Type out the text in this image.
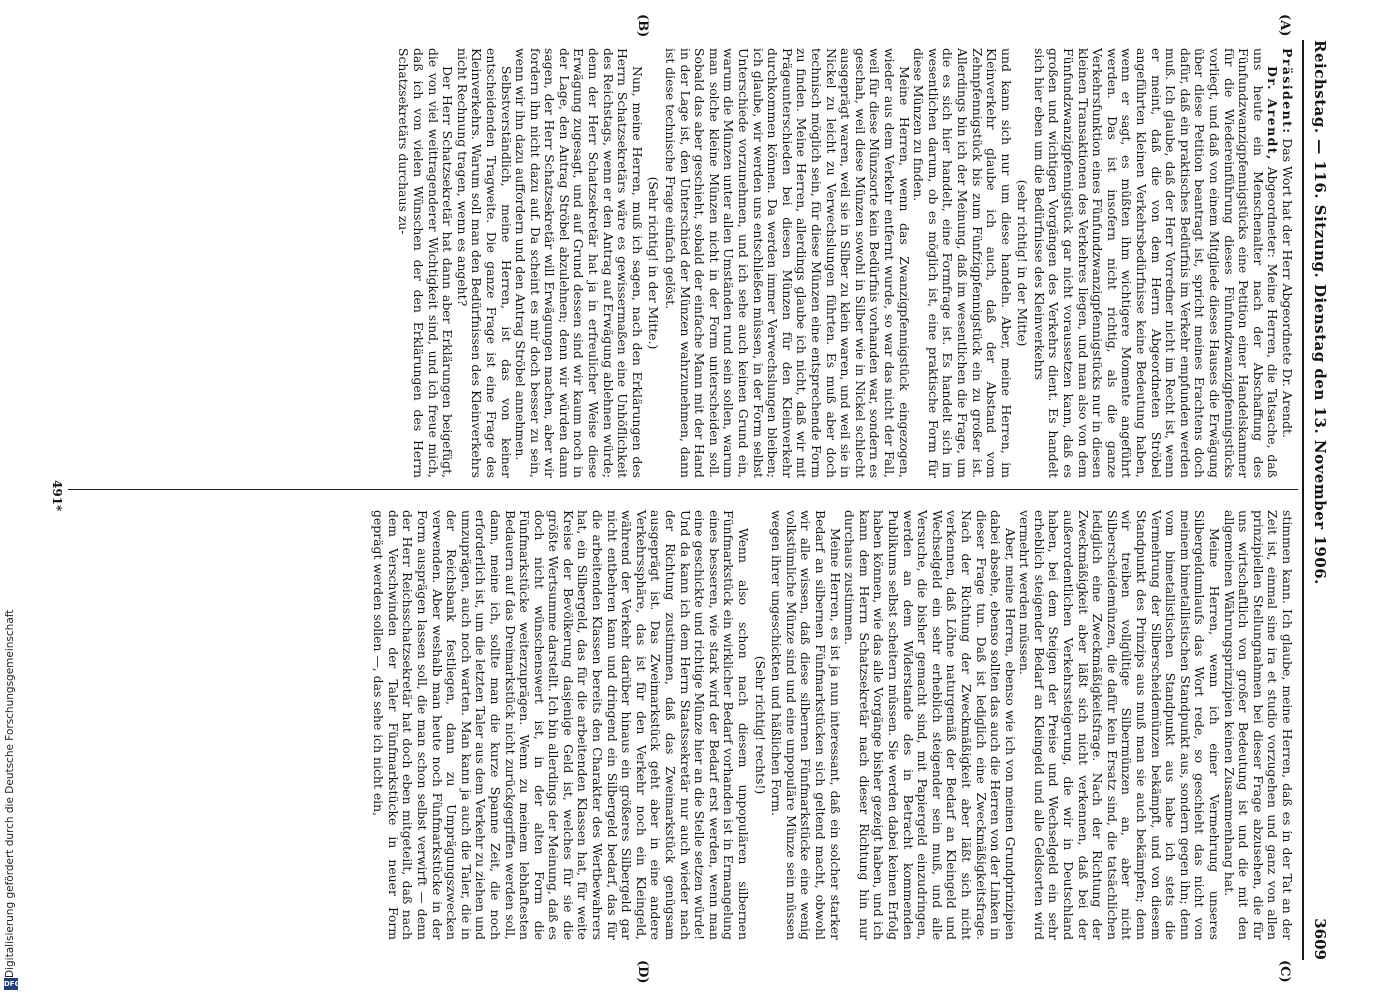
Reichstag. — 116. Sitzung. Dienstag den 13. November 1906.
3609
(A)
(B)
(C)
(D)

Präsident: Das Wort hat der Herr Abgeordnete Dr. Arendt.

Dr. Arendt, Abgeordneter: Meine Herren, die Tatsache, daß uns heute ein Menschenalter nach der Abschaffung des Fünfundzwanzigpfennigstücks eine Petition einer Handelskammer für die Wiedereinführung dieses Fünfundzwanzigpfennigstücks vorliegt, und daß von einem Mitgliede dieses Hauses die Erwägung über diese Petition beantragt ist, spricht meines Erachtens doch dafür, daß ein praktisches Bedürfnis im Verkehr empfunden werden muß. Ich glaube, daß der Herr Vorredner nicht im Recht ist, wenn er meint, daß die von dem Herrn Abgeordneten Ströbel angeführten kleinen Verkehrsbedürfnisse keine Bedeutung haben, wenn er sagt, es müßten ihm wichtigere Momente angeführt werden. Das ist insofern nicht richtig, als die ganze Verkehrsfunktion eines Fünfundzwanzigpfennigstücks nur in diesen kleinen Transaktionen des Verkehres liegen, und man also von dem Fünfundzwanzigpfennigstück gar nicht voraussetzen kann, daß es großen und wichtigen Vorgängen des Verkehrs dient. Es handelt sich hier eben um die Bedürfnisse des Kleinverkehrs

(sehr richtig! in der Mitte)

und kann sich nur um diese handeln. Aber, meine Herren, im Kleinverkehr glaube ich auch, daß der Abstand vom Zehnpfennigstück bis zum Fünfzigpfennigstück ein zu großer ist. Allerdings bin ich der Meinung, daß im wesentlichen die Frage, um die es sich hier handelt, eine Formfrage ist. Es handelt sich im wesentlichen darum, ob es möglich ist, eine praktische Form für diese Münzen zu finden.

Meine Herren, wenn das Zwanzigpfennigstück eingezogen, wieder aus dem Verkehr entfernt wurde, so war das nicht der Fall, weil für diese Münzsorte kein Bedürfnis vorhanden war, sondern es geschah, weil diese Münzen sowohl in Silber wie in Nickel schlecht ausgeprägt waren, weil sie in Silber zu klein waren, und weil sie in Nickel zu leicht zu Verwechslungen führten. Es muß aber doch technisch möglich sein, für diese Münzen eine entsprechende Form zu finden. Meine Herren, allerdings glaube ich nicht, daß wir mit Prägeunterschieden bei diesen Münzen für den Kleinverkehr durchkommen können. Da werden immer Verwechslungen bleiben; ich glaube, wir werden uns entschließen müssen, in der Form selbst Unterschiede vorzunehmen, und ich sehe auch keinen Grund ein, warum die Münzen unter allen Umständen rund sein sollen, warum man solche kleine Münzen nicht in der Form unterscheiden soll. Sobald das aber geschieht, sobald der einfache Mann mit der Hand in der Lage ist, den Unterschied der Münzen wahrzunehmen, dann ist diese technische Frage einfach gelöst.

(Sehr richtig! in der Mitte.)

Nun, meine Herren, muß ich sagen, nach den Erklärungen des Herrn Schatzsekretärs wäre es gewissermaßen eine Unhöflichkeit des Reichstags, wenn er den Antrag auf Erwägung ablehnen würde; denn der Herr Schatzsekretär hat ja in erfreulicher Weise diese Erwägung zugesagt, und auf Grund dessen sind wir kaum noch in der Lage, den Antrag Ströbel abzulehnen; denn wir würden dann sagen, der Herr Schatzsekretär will Erwägungen machen, aber wir fordern ihn nicht dazu auf. Da scheint es mir doch besser zu sein, wenn wir ihn dazu auffordern und den Antrag Ströbel annehmen.

Selbstverständlich, meine Herren, ist das von keiner entscheidenden Tragweite. Die ganze Frage ist eine Frage des Kleinverkehrs. Warum soll man den Bedürfnissen des Kleinverkehrs nicht Rechnung tragen, wenn es angeht?

Der Herr Schatzsekretär hat dann aber Erklärungen beigefügt, die von viel weittragenderer Wichtigkeit sind, und ich freue mich, daß ich von vielen Wünschen der den Erklärungen des Herrn Schatzsekretärs durchaus zu-

stimmen kann. Ich glaube, meine Herren, daß es in der Tat an der Zeit ist, einmal sine ira et studio vorzugehen und ganz von allen prinzipiellen Stellungnahmen bei dieser Frage abzusehen, die für uns wirtschaftlich von großer Bedeutung ist und die mit den allgemeinen Währungsprinzipien keinen Zusammenhang hat.

Meine Herren, wenn ich einer Vermehrung unseres Silbergeldumlaufs das Wort rede, so geschieht das nicht von meinem bimetallistischen Standpunkt aus, sondern gegen ihn; denn vom bimetallistischen Standpunkt aus habe ich stets die Vermehrung der Silberscheidemünzen bekämpft, und von diesem Standpunkt des Prinzips aus muß man sie auch bekämpfen; denn wir treiben vollgültige Silbermünzen an, aber nicht Silberscheidemünzen, die dafür kein Ersatz sind, die tatsächlichen lediglich eine Zweckmäßigkeitsfrage. Nach der Richtung der Zweckmäßigkeit aber läßt sich nicht verkennen, daß bei der außerordentlichen Verkehrssteigerung, die wir in Deutschland haben, bei dem Steigen der Preise und Wechselgeld ein sehr erheblich steigender Bedarf an Kleingeld und alle Geldsorten wird vermehrt werden müssen.

Aber, meine Herren, ebenso wie ich von meinen Grundprinzipien dabei absehe, ebenso sollten das auch die Herren von der Linken in dieser Frage tun. Daß ist lediglich eine Zweckmäßigkeitsfrage. Nach der Richtung der Zweckmäßigkeit aber läßt sich nicht verkennen, daß Löhne naturgemäß der Bedarf an Kleingeld und Wechselgeld ein sehr erheblich steigender sein muß, und alle Versuche, die bisher gemacht sind, mit Papiergeld einzudringen, werden an dem Widerstande des in Betracht kommenden Publikums selbst scheitern müssen. Sie werden dabei keinen Erfolg haben können, wie das alle Vorgänge bisher gezeigt haben, und ich kann dem Herrn Schatzsekretär nach dieser Richtung hin nur durchaus zustimmen.

Meine Herren, es ist ja nun interessant, daß ein solcher starker Bedarf an silbernen Fünfmarkstücken sich geltend macht, obwohl wir alle wissen, daß diese silbernen Fünfmarkstücke eine wenig volkstümliche Münze sind und eine unpopuläre Münze sein müssen wegen ihrer ungeschickten und häßlichen Form.

(Sehr richtig! rechts!)

Wenn also schon nach diesem unpopulären silbernen Fünfmarkstück ein wirklicher Bedarf vorhanden ist in Ermangelung eines besseren, wie stark wird der Bedarf erst werden, wenn man eine geschickte und richtige Münze hier an die Stelle setzen würde! Und da kann ich dem Herrn Staatssekretär nur auch wieder nach der Richtung zustimmen, daß das Zweimarkstück genügsam ausgeprägt ist. Das Zweimarkstück geht aber in eine andere Verkehrssphäre, das ist für den Verkehr noch ein Kleingeld, während der Verkehr darüber hinaus ein größeres Silbergeld gar nicht entbehren kann und dringend ein Silbergeld bedarf, das für die arbeitenden Klassen bereits den Charakter des Wertbewahrers hat, ein Silbergeld, das für die arbeitenden Klassen hat, für weite Kreise der Bevölkerung dasjenige Geld ist, welches für sie die größte Wertsumme darstellt. Ich bin allerdings der Meinung, daß es doch nicht wünschenswert ist, in der alten Form die Fünfmarkstücke weiterzuprägen. Wenn zu meinem lebhaftesten Bedauern auf das Dreimarkstück nicht zurückgegriffen werden soll, dann, meine ich, sollte man die kurze Spanne Zeit, die noch erforderlich ist, um die letzten Taler aus dem Verkehr zu ziehen und umzuprägen, auch noch warten. Man kann ja auch die Taler, die in der Reichsbank festliegen, dann zu Umprägungszwecken verwenden. Aber weshalb man heute noch Fünfmarkstücke in der Form ausprägen lassen soll, die man schon selbst verwirft — denn der Herr Reichsschatzsekretär hat doch eben mitgeteilt, daß nach dem Verschwinden der Taler Fünfmarkstücke in neuer Form geprägt werden sollen —, das sehe ich nicht ein,

491*
Digitalisierung gefördert durch die Deutsche Forschungsgemeinschaft
DFG
